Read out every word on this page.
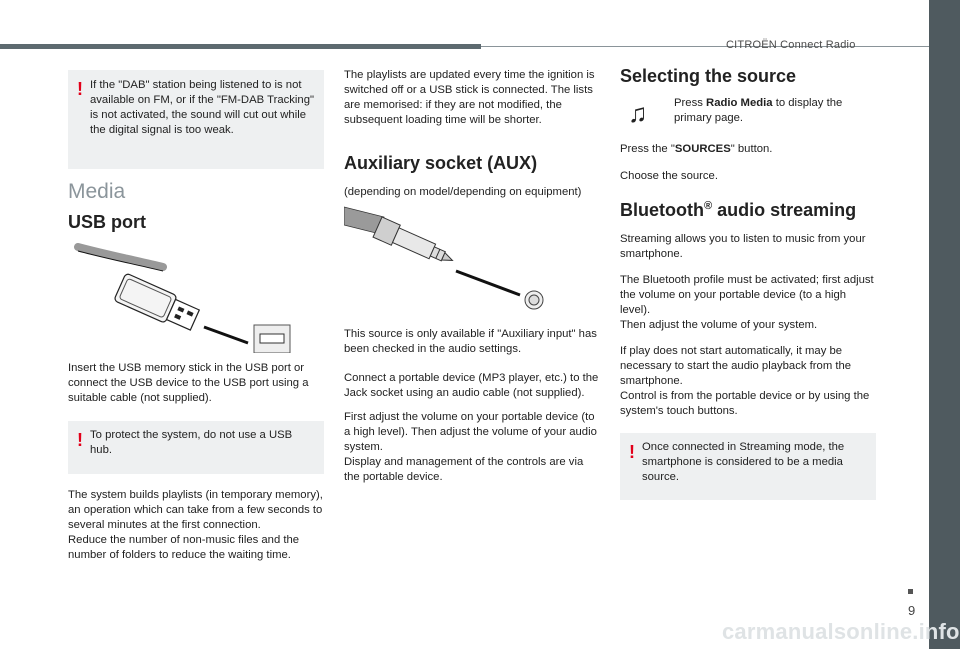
CITROËN Connect Radio
9
carmanualsonline.info
! If the "DAB" station being listened to is not available on FM, or if the "FM-DAB Tracking" is not activated, the sound will cut out while the digital signal is too weak.

Media
USB port

Insert the USB memory stick in the USB port or connect the USB device to the USB port using a suitable cable (not supplied).

! To protect the system, do not use a USB hub.

The system builds playlists (in temporary memory), an operation which can take from a few seconds to several minutes at the first connection.

Reduce the number of non-music files and the number of folders to reduce the waiting time.

The playlists are updated every time the ignition is switched off or a USB stick is connected. The lists are memorised: if they are not modified, the subsequent loading time will be shorter.

Auxiliary socket (AUX)

(depending on model/depending on equipment)

This source is only available if "Auxiliary input" has been checked in the audio settings.

Connect a portable device (MP3 player, etc.) to the Jack socket using an audio cable (not supplied).

First adjust the volume on your portable device (to a high level). Then adjust the volume of your audio system.

Display and management of the controls are via the portable device.

Selecting the source
♫ Press Radio Media to display the primary page.

Press the "SOURCES" button.

Choose the source.

Bluetooth® audio streaming

Streaming allows you to listen to music from your smartphone.

The Bluetooth profile must be activated; first adjust the volume on your portable device (to a high level).

Then adjust the volume of your system.

If play does not start automatically, it may be necessary to start the audio playback from the smartphone.

Control is from the portable device or by using the system's touch buttons.

! Once connected in Streaming mode, the smartphone is considered to be a media source.
